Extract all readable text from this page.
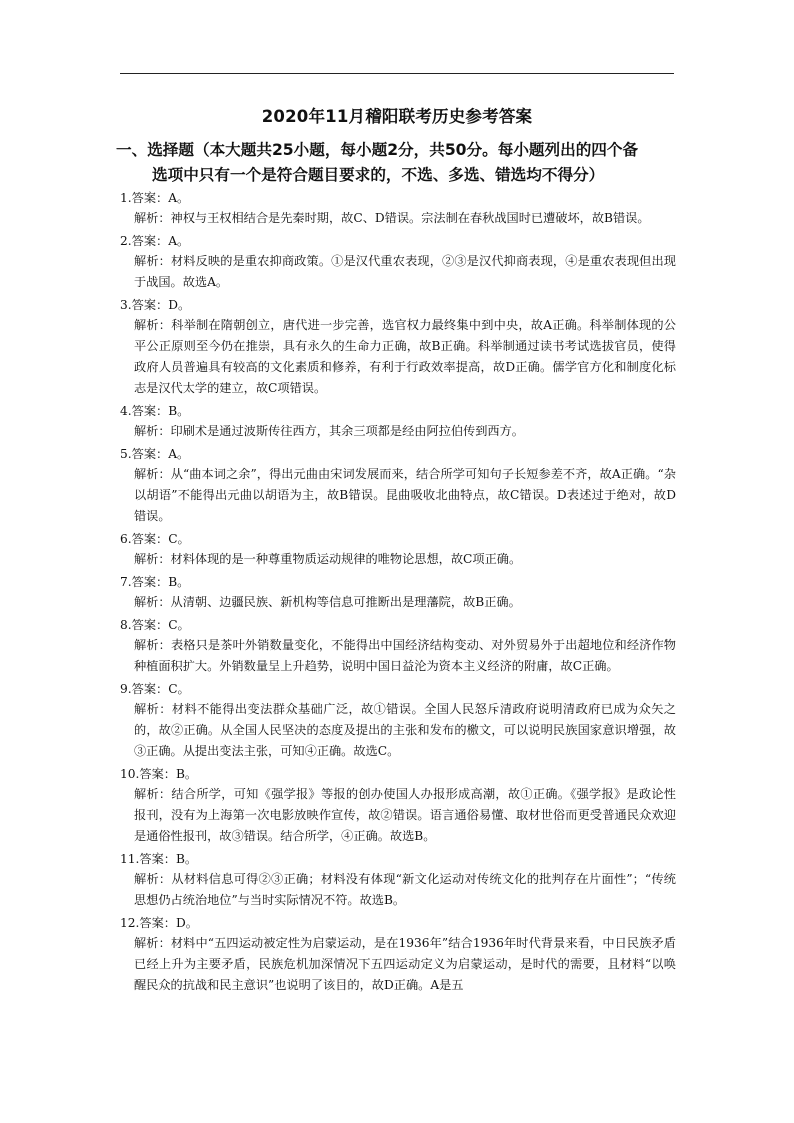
2020年11月稽阳联考历史参考答案
一、选择题（本大题共25小题，每小题2分，共50分。每小题列出的四个备
选项中只有一个是符合题目要求的，不选、多选、错选均不得分）
1.答案：A。
解析：神权与王权相结合是先秦时期，故C、D错误。宗法制在春秋战国时已遭破坏，故B错误。
2.答案：A。
解析：材料反映的是重农抑商政策。①是汉代重农表现，②③是汉代抑商表现，④是重农表现但出现于战国。故选A。
3.答案：D。
解析：科举制在隋朝创立，唐代进一步完善，选官权力最终集中到中央，故A正确。科举制体现的公平公正原则至今仍在推崇，具有永久的生命力正确，故B正确。科举制通过读书考试选拔官员，使得政府人员普遍具有较高的文化素质和修养，有利于行政效率提高，故D正确。儒学官方化和制度化标志是汉代太学的建立，故C项错误。
4.答案：B。
解析：印刷术是通过波斯传往西方，其余三项都是经由阿拉伯传到西方。
5.答案：A。
解析：从“曲本词之余”，得出元曲由宋词发展而来，结合所学可知句子长短参差不齐，故A正确。“杂以胡语”不能得出元曲以胡语为主，故B错误。昆曲吸收北曲特点，故C错误。D表述过于绝对，故D错误。
6.答案：C。
解析：材料体现的是一种尊重物质运动规律的唯物论思想，故C项正确。
7.答案：B。
解析：从清朝、边疆民族、新机构等信息可推断出是理藩院，故B正确。
8.答案：C。
解析：表格只是茶叶外销数量变化，不能得出中国经济结构变动、对外贸易外于出超地位和经济作物种植面积扩大。外销数量呈上升趋势，说明中国日益沦为资本主义经济的附庸，故C正确。
9.答案：C。
解析：材料不能得出变法群众基础广泛，故①错误。全国人民怒斥清政府说明清政府已成为众矢之的，故②正确。从全国人民坚决的态度及提出的主张和发布的檄文，可以说明民族国家意识增强，故③正确。从提出变法主张，可知④正确。故选C。
10.答案：B。
解析：结合所学，可知《强学报》等报的创办使国人办报形成高潮，故①正确。《强学报》是政论性报刊，没有为上海第一次电影放映作宣传，故②错误。语言通俗易懂、取材世俗而更受普通民众欢迎是通俗性报刊，故③错误。结合所学，④正确。故选B。
11.答案：B。
解析：从材料信息可得②③正确；材料没有体现“新文化运动对传统文化的批判存在片面性”；“传统思想仍占统治地位”与当时实际情况不符。故选B。
12.答案：D。
解析：材料中“五四运动被定性为启蒙运动，是在1936年”结合1936年时代背景来看，中日民族矛盾已经上升为主要矛盾，民族危机加深情况下五四运动定义为启蒙运动，是时代的需要，且材料“以唤醒民众的抗战和民主意识”也说明了该目的，故D正确。A是五
